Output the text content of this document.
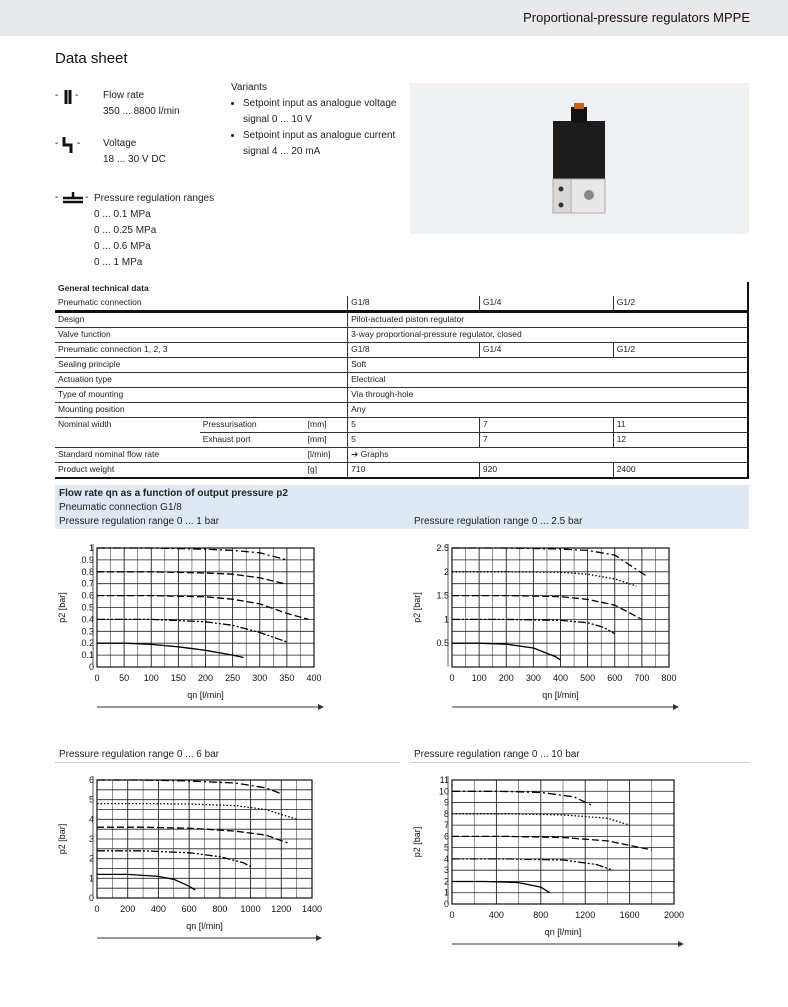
Proportional-pressure regulators MPPE
Data sheet
- - Flow rate
350 ... 8800 l/min
- - Voltage
18 ... 30 V DC
-	- Pressure regulation ranges
0 ... 0.1 MPa
0 ... 0.25 MPa
0 ... 0.6 MPa
0 ... 1 MPa
Variants
• Setpoint input as analogue voltage signal 0 ... 10 V
• Setpoint input as analogue current signal 4 ... 20 mA
General technical data					
Pneumatic connection			G1/8	G1/4	G1/2
Design			Pilot-actuated piston regulator		
Valve function			3-way proportional-pressure regulator, closed		
Pneumatic connection 1, 2, 3			G1/8	G1/4	G1/2
Sealing principle			Soft		
Actuation type			Electrical		
Type of mounting			Via through-hole		
Mounting position			Any		
Nominal width	Pressurisation	[mm]	5	7	11
	Exhaust port	[mm]	5	7	12
Standard nominal flow rate		[l/min]	➔ Graphs		
Product weight		[g]	710	920	2400
Flow rate qn as a function of output pressure p2
Pneumatic connection G1/8
Pressure regulation range 0 ... 1 bar	Pressure regulation range 0 ... 2.5 bar
Pressure regulation range 0 ... 6 bar	Pressure regulation range 0 ... 10 bar
0 50 100 150 200 250 300 350 400
0
0.1
0.2
0.3
0.4
0.5
0.6
0.7
0.8
0.9
1
qn [l/min]
p2 [bar]
0 100 200 300 400 500 600 700 800
0.5
1
1.5
2
2.5
qn [l/min]
p2 [bar]
0 200 400 600 800 1000 1200 1400
0
1
2
3
4
5
6
qn [l/min]
p2 [bar]
0	400	800	1200	1600	2000
0
1
2
3
4
5
6
7
8
9
10
11
qn [l/min]
p2 [bar]
